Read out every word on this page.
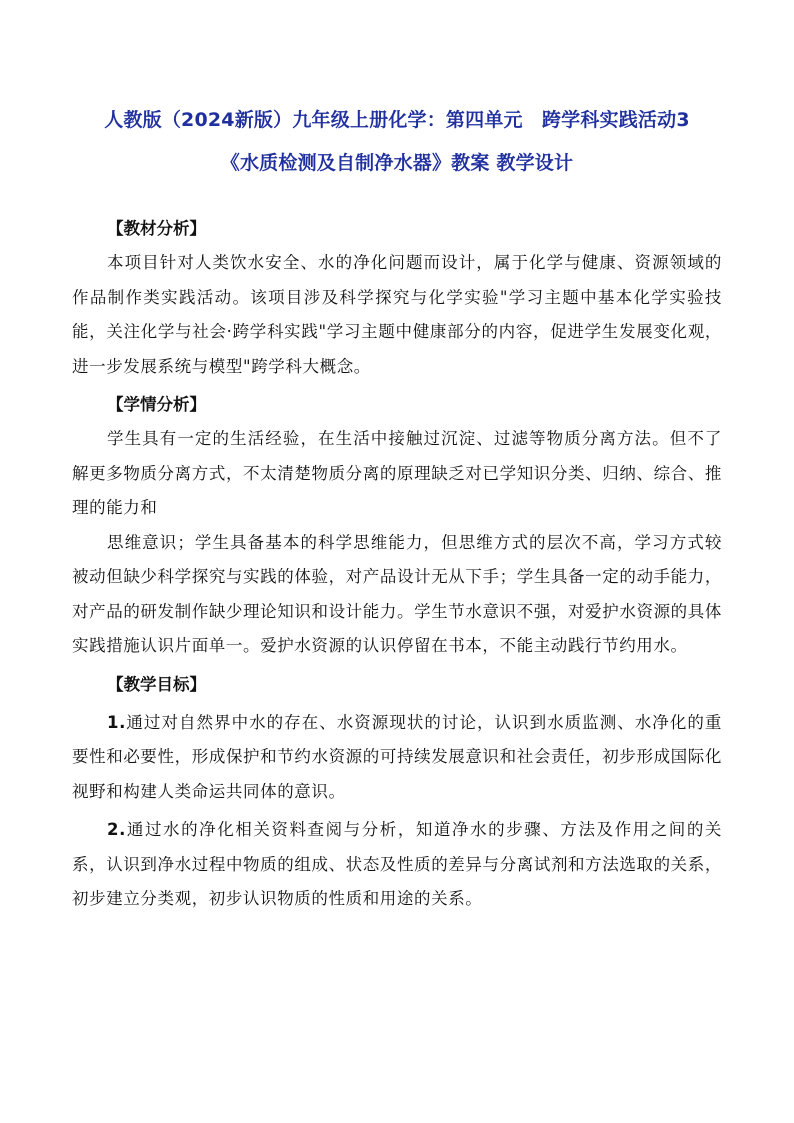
人教版（2024新版）九年级上册化学：第四单元　跨学科实践活动3
《水质检测及自制净水器》教案 教学设计
【教材分析】

本项目针对人类饮水安全、水的净化问题而设计，属于化学与健康、资源领域的作品制作类实践活动。该项目涉及科学探究与化学实验"学习主题中基本化学实验技能，关注化学与社会·跨学科实践"学习主题中健康部分的内容，促进学生发展变化观，进一步发展系统与模型"跨学科大概念。

【学情分析】

学生具有一定的生活经验，在生活中接触过沉淀、过滤等物质分离方法。但不了解更多物质分离方式，不太清楚物质分离的原理缺乏对已学知识分类、归纳、综合、推理的能力和

思维意识；学生具备基本的科学思维能力，但思维方式的层次不高，学习方式较被动但缺少科学探究与实践的体验，对产品设计无从下手；学生具备一定的动手能力，对产品的研发制作缺少理论知识和设计能力。学生节水意识不强，对爱护水资源的具体实践措施认识片面单一。爱护水资源的认识停留在书本，不能主动践行节约用水。

【教学目标】

1.通过对自然界中水的存在、水资源现状的讨论，认识到水质监测、水净化的重要性和必要性，形成保护和节约水资源的可持续发展意识和社会责任，初步形成国际化视野和构建人类命运共同体的意识。

2.通过水的净化相关资料查阅与分析，知道净水的步骤、方法及作用之间的关系，认识到净水过程中物质的组成、状态及性质的差异与分离试剂和方法选取的关系，初步建立分类观，初步认识物质的性质和用途的关系。
